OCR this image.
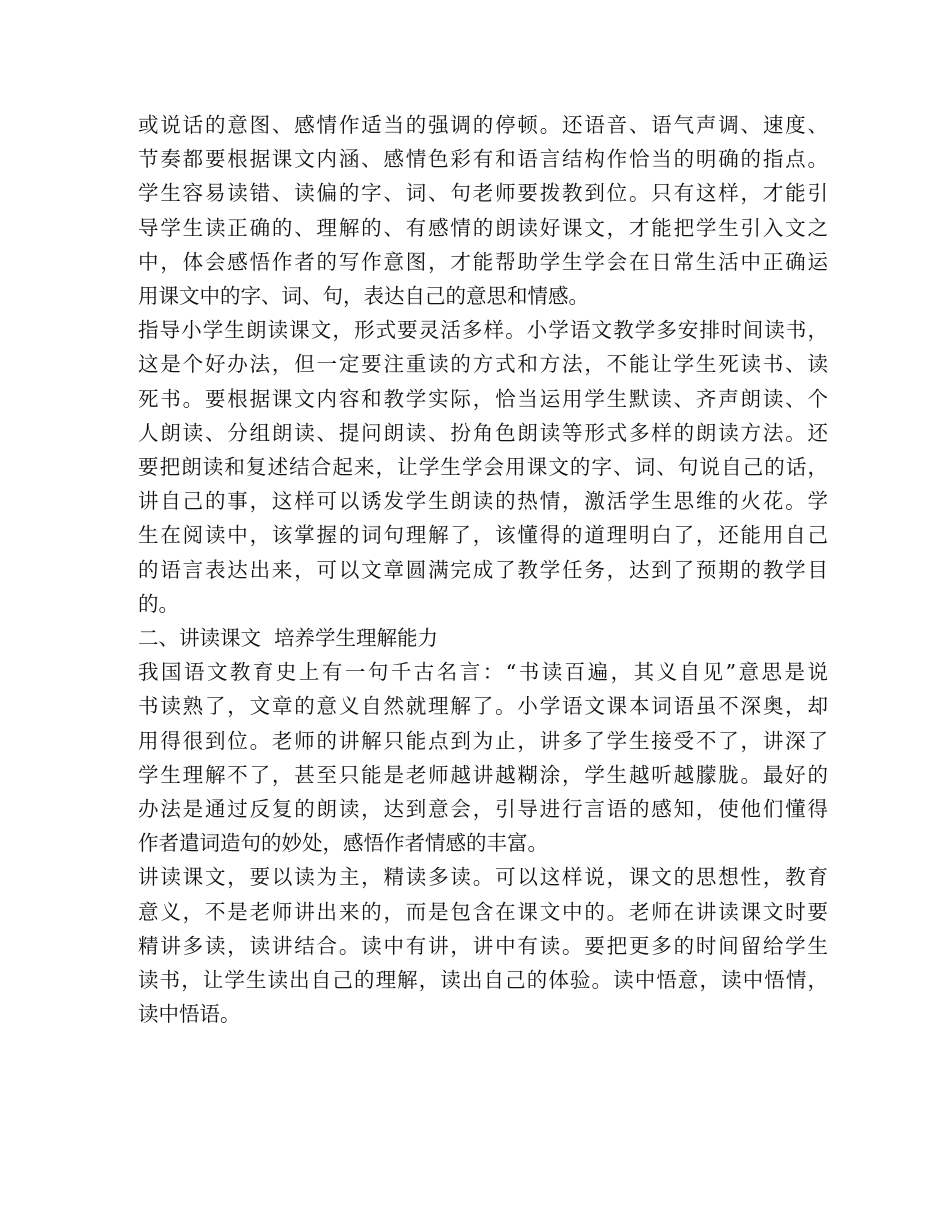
或说话的意图、感情作适当的强调的停顿。还语音、语气声调、速度、
节奏都要根据课文内涵、感情色彩有和语言结构作恰当的明确的指点。
学生容易读错、读偏的字、词、句老师要拨教到位。只有这样，才能引
导学生读正确的、理解的、有感情的朗读好课文，才能把学生引入文之
中，体会感悟作者的写作意图，才能帮助学生学会在日常生活中正确运
用课文中的字、词、句，表达自己的意思和情感。

指导小学生朗读课文，形式要灵活多样。小学语文教学多安排时间读书，
这是个好办法，但一定要注重读的方式和方法，不能让学生死读书、读
死书。要根据课文内容和教学实际，恰当运用学生默读、齐声朗读、个
人朗读、分组朗读、提问朗读、扮角色朗读等形式多样的朗读方法。还
要把朗读和复述结合起来，让学生学会用课文的字、词、句说自己的话，
讲自己的事，这样可以诱发学生朗读的热情，激活学生思维的火花。学
生在阅读中，该掌握的词句理解了，该懂得的道理明白了，还能用自己
的语言表达出来，可以文章圆满完成了教学任务，达到了预期的教学目
的。

二、讲读课文  培养学生理解能力

我国语文教育史上有一句千古名言：“书读百遍，其义自见”意思是说
书读熟了，文章的意义自然就理解了。小学语文课本词语虽不深奥，却
用得很到位。老师的讲解只能点到为止，讲多了学生接受不了，讲深了
学生理解不了，甚至只能是老师越讲越糊涂，学生越听越朦胧。最好的
办法是通过反复的朗读，达到意会，引导进行言语的感知，使他们懂得
作者遣词造句的妙处，感悟作者情感的丰富。

讲读课文，要以读为主，精读多读。可以这样说，课文的思想性，教育
意义，不是老师讲出来的，而是包含在课文中的。老师在讲读课文时要
精讲多读，读讲结合。读中有讲，讲中有读。要把更多的时间留给学生
读书，让学生读出自己的理解，读出自己的体验。读中悟意，读中悟情，
读中悟语。
